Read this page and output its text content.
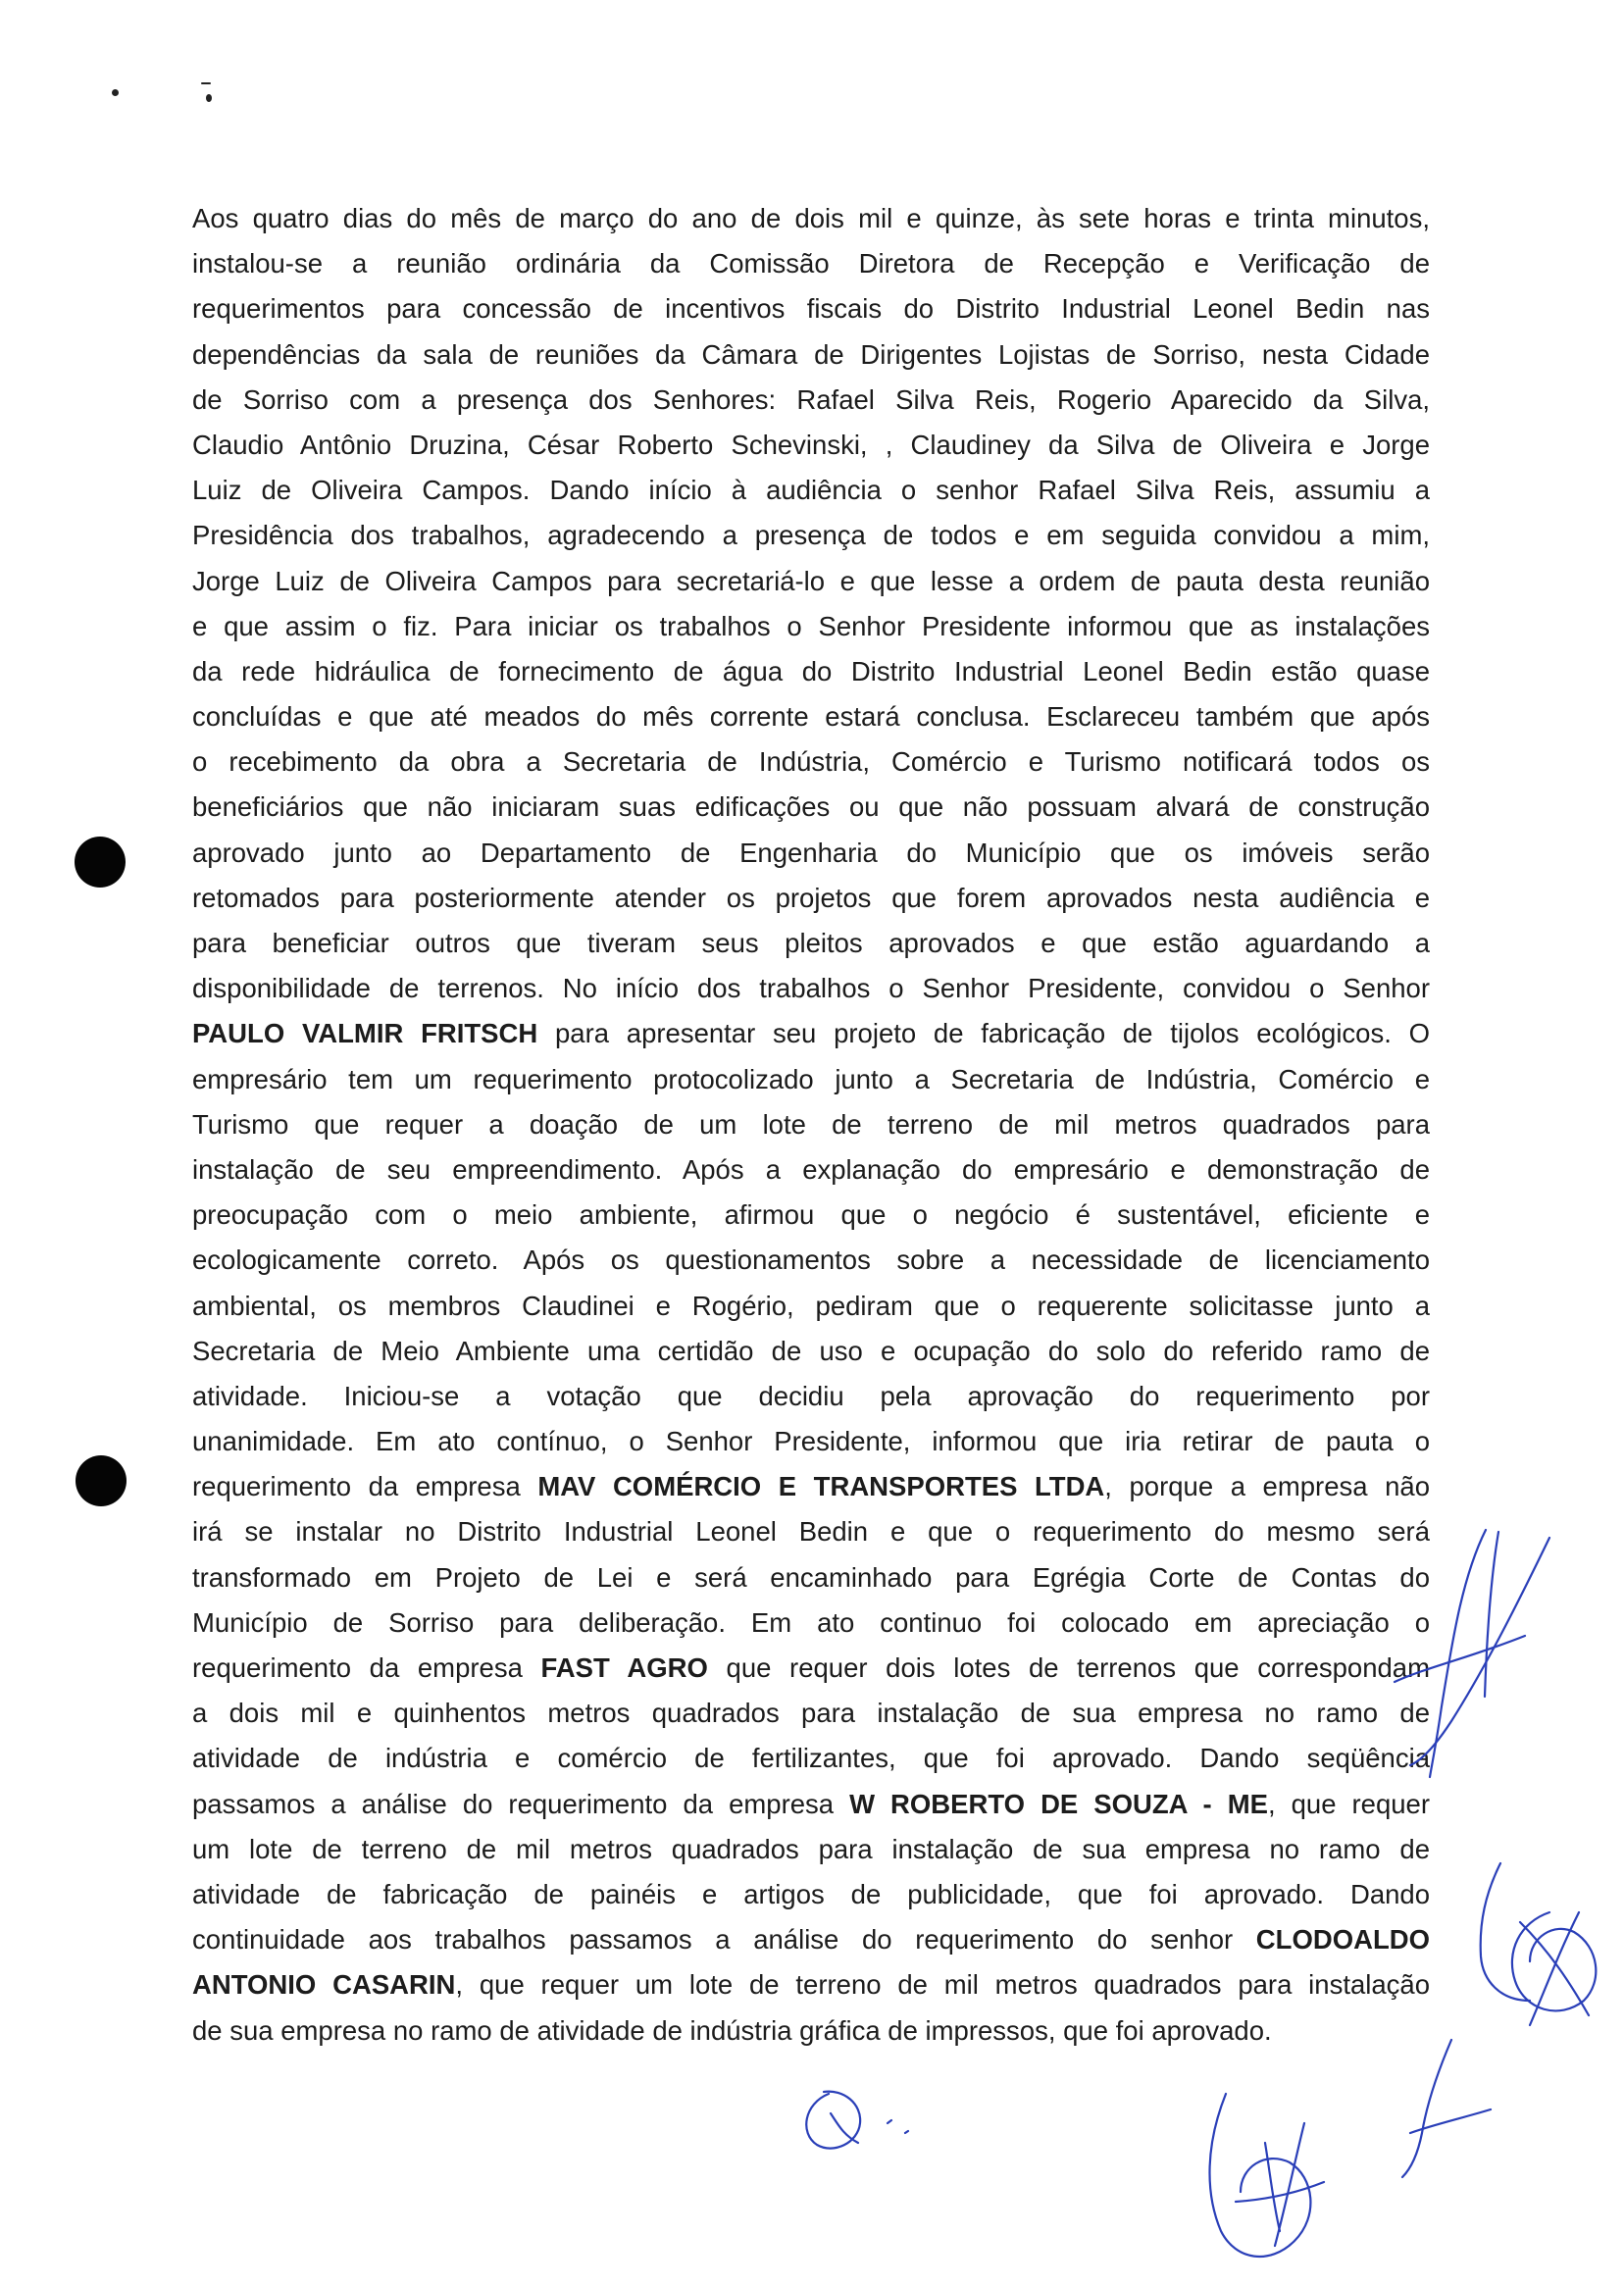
Aos quatro dias do mês de março do ano de dois mil e quinze, às sete horas e trinta minutos,
instalou-se a reunião ordinária da Comissão Diretora de Recepção e Verificação de
requerimentos para concessão de incentivos fiscais do Distrito Industrial Leonel Bedin nas
dependências da sala de reuniões da Câmara de Dirigentes Lojistas de Sorriso, nesta Cidade
de Sorriso com a presença dos Senhores: Rafael Silva Reis, Rogerio Aparecido da Silva,
Claudio Antônio Druzina, César Roberto Schevinski, , Claudiney da Silva de Oliveira e Jorge
Luiz de Oliveira Campos. Dando início à audiência o senhor Rafael Silva Reis, assumiu a
Presidência dos trabalhos, agradecendo a presença de todos e em seguida convidou a mim,
Jorge Luiz de Oliveira Campos para secretariá-lo e que lesse a ordem de pauta desta reunião
e que assim o fiz. Para iniciar os trabalhos o Senhor Presidente informou que as instalações
da rede hidráulica de fornecimento de água do Distrito Industrial Leonel Bedin estão quase
concluídas e que até meados do mês corrente estará conclusa. Esclareceu também que após
o recebimento da obra a Secretaria de Indústria, Comércio e Turismo notificará todos os
beneficiários que não iniciaram suas edificações ou que não possuam alvará de construção
aprovado junto ao Departamento de Engenharia do Município que os imóveis serão
retomados para posteriormente atender os projetos que forem aprovados nesta audiência e
para beneficiar outros que tiveram seus pleitos aprovados e que estão aguardando a
disponibilidade de terrenos. No início dos trabalhos o Senhor Presidente, convidou o Senhor
PAULO VALMIR FRITSCH para apresentar seu projeto de fabricação de tijolos ecológicos. O
empresário tem um requerimento protocolizado junto a Secretaria de Indústria, Comércio e
Turismo que requer a doação de um lote de terreno de mil metros quadrados para
instalação de seu empreendimento. Após a explanação do empresário e demonstração de
preocupação com o meio ambiente, afirmou que o negócio é sustentável, eficiente e
ecologicamente correto. Após os questionamentos sobre a necessidade de licenciamento
ambiental, os membros Claudinei e Rogério, pediram que o requerente solicitasse junto a
Secretaria de Meio Ambiente uma certidão de uso e ocupação do solo do referido ramo de
atividade. Iniciou-se a votação que decidiu pela aprovação do requerimento por
unanimidade. Em ato contínuo, o Senhor Presidente, informou que iria retirar de pauta o
requerimento da empresa MAV COMÉRCIO E TRANSPORTES LTDA, porque a empresa não
irá se instalar no Distrito Industrial Leonel Bedin e que o requerimento do mesmo será
transformado em Projeto de Lei e será encaminhado para Egrégia Corte de Contas do
Município de Sorriso para deliberação. Em ato continuo foi colocado em apreciação o
requerimento da empresa FAST AGRO que requer dois lotes de terrenos que correspondam
a dois mil e quinhentos metros quadrados para instalação de sua empresa no ramo de
atividade de indústria e comércio de fertilizantes, que foi aprovado. Dando seqüência
passamos a análise do requerimento da empresa W ROBERTO DE SOUZA - ME, que requer
um lote de terreno de mil metros quadrados para instalação de sua empresa no ramo de
atividade de fabricação de painéis e artigos de publicidade, que foi aprovado. Dando
continuidade aos trabalhos passamos a análise do requerimento do senhor CLODOALDO
ANTONIO CASARIN, que requer um lote de terreno de mil metros quadrados para instalação
de sua empresa no ramo de atividade de indústria gráfica de impressos, que foi aprovado.
